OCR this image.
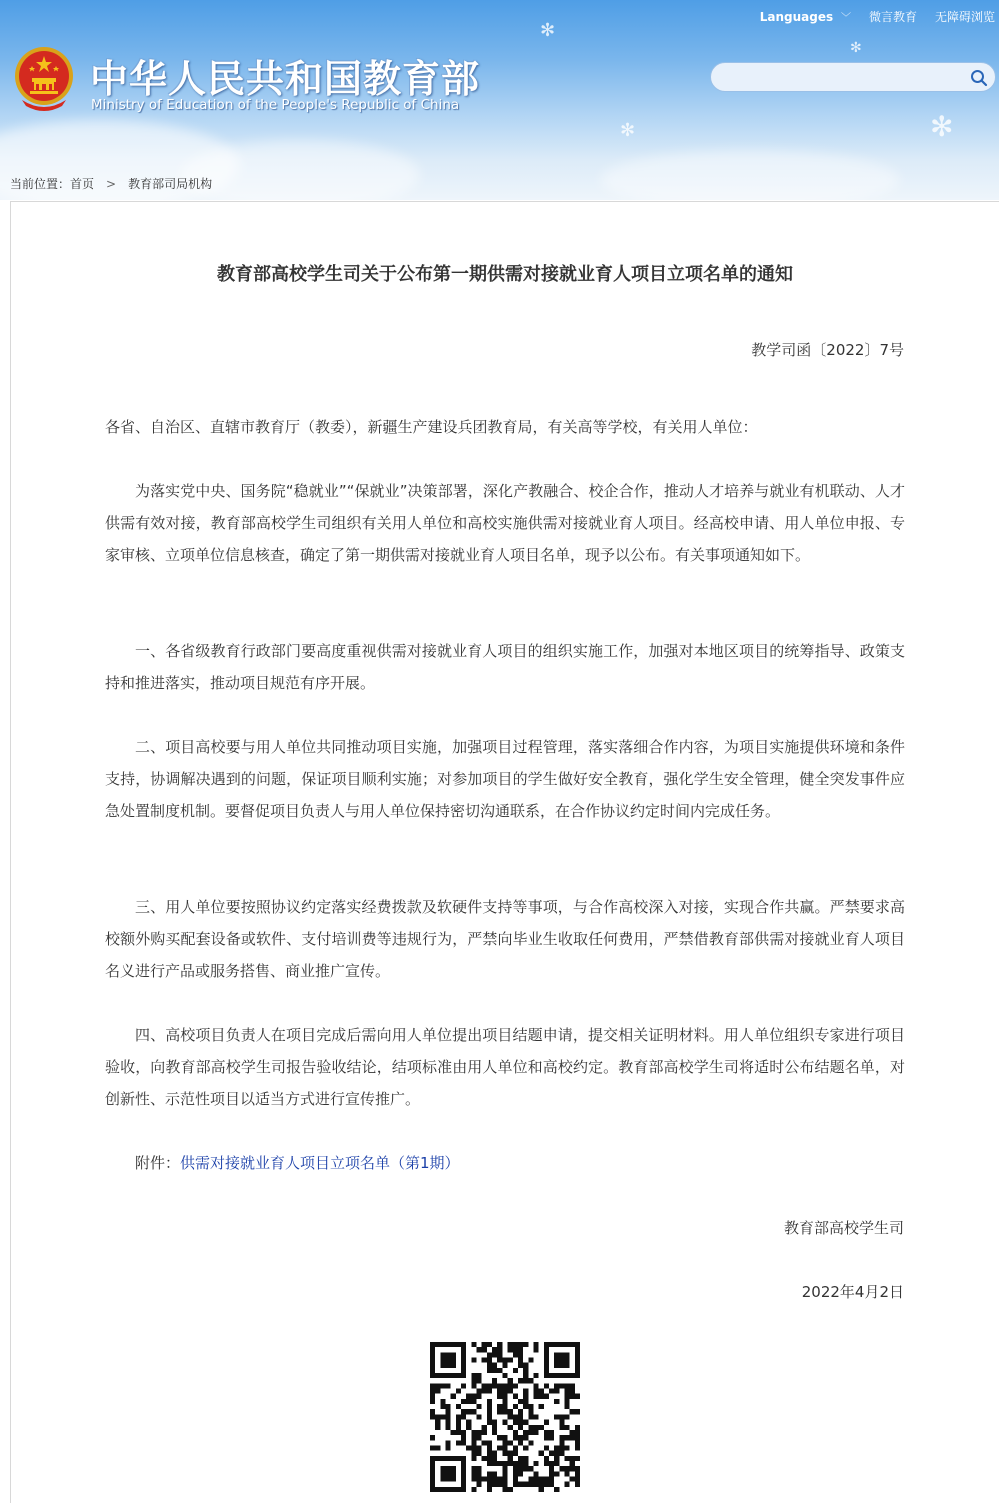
✻
✻	✻
✻
Languages ﹀ 微言教育 无障碍浏览
中华人民共和国教育部
Ministry of Education of the People's Republic of China
当前位置：首页 > 教育部司局机构
教育部高校学生司关于公布第一期供需对接就业育人项目立项名单的通知
教学司函〔2022〕7号

各省、自治区、直辖市教育厅（教委），新疆生产建设兵团教育局，有关高等学校，有关用人单位：

为落实党中央、国务院“稳就业”“保就业”决策部署，深化产教融合、校企合作，推动人才培养与就业有机联动、人才供需有效对接，教育部高校学生司组织有关用人单位和高校实施供需对接就业育人项目。经高校申请、用人单位申报、专家审核、立项单位信息核查，确定了第一期供需对接就业育人项目名单，现予以公布。有关事项通知如下。

一、各省级教育行政部门要高度重视供需对接就业育人项目的组织实施工作，加强对本地区项目的统筹指导、政策支持和推进落实，推动项目规范有序开展。

二、项目高校要与用人单位共同推动项目实施，加强项目过程管理，落实落细合作内容，为项目实施提供环境和条件支持，协调解决遇到的问题，保证项目顺利实施；对参加项目的学生做好安全教育，强化学生安全管理，健全突发事件应急处置制度机制。要督促项目负责人与用人单位保持密切沟通联系，在合作协议约定时间内完成任务。

三、用人单位要按照协议约定落实经费拨款及软硬件支持等事项，与合作高校深入对接，实现合作共赢。严禁要求高校额外购买配套设备或软件、支付培训费等违规行为，严禁向毕业生收取任何费用，严禁借教育部供需对接就业育人项目名义进行产品或服务搭售、商业推广宣传。

四、高校项目负责人在项目完成后需向用人单位提出项目结题申请，提交相关证明材料。用人单位组织专家进行项目验收，向教育部高校学生司报告验收结论，结项标准由用人单位和高校约定。教育部高校学生司将适时公布结题名单，对创新性、示范性项目以适当方式进行宣传推广。

附件：供需对接就业育人项目立项名单（第1期）

教育部高校学生司
2022年4月2日
